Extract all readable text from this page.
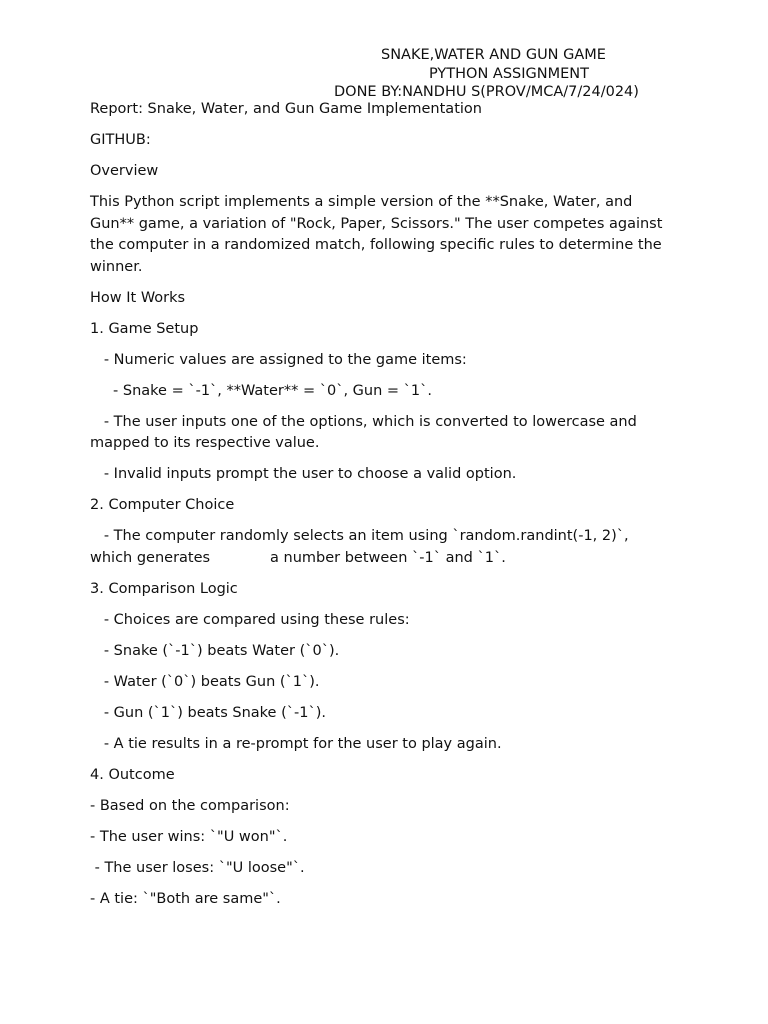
SNAKE,WATER AND GUN GAME
PYTHON ASSIGNMENT
DONE BY:NANDHU S(PROV/MCA/7/24/024)

Report: Snake, Water, and Gun Game Implementation

GITHUB:

Overview

This Python script implements a simple version of the **Snake, Water, and Gun** game, a variation of "Rock, Paper, Scissors." The user competes against the computer in a randomized match, following specific rules to determine the winner.

How It Works

1. Game Setup

- Numeric values are assigned to the game items:

- Snake = `-1`, **Water** = `0`, Gun = `1`.

- The user inputs one of the options, which is converted to lowercase and mapped to its respective value.

- Invalid inputs prompt the user to choose a valid option.

2. Computer Choice

- The computer randomly selects an item using `random.randint(-1, 2)`, which generates             a number between `-1` and `1`.

3. Comparison Logic

- Choices are compared using these rules:

- Snake (`-1`) beats Water (`0`).

- Water (`0`) beats Gun (`1`).

- Gun (`1`) beats Snake (`-1`).

- A tie results in a re-prompt for the user to play again.

4. Outcome

- Based on the comparison:

- The user wins: `"U won"`.

- The user loses: `"U loose"`.

- A tie: `"Both are same"`.
